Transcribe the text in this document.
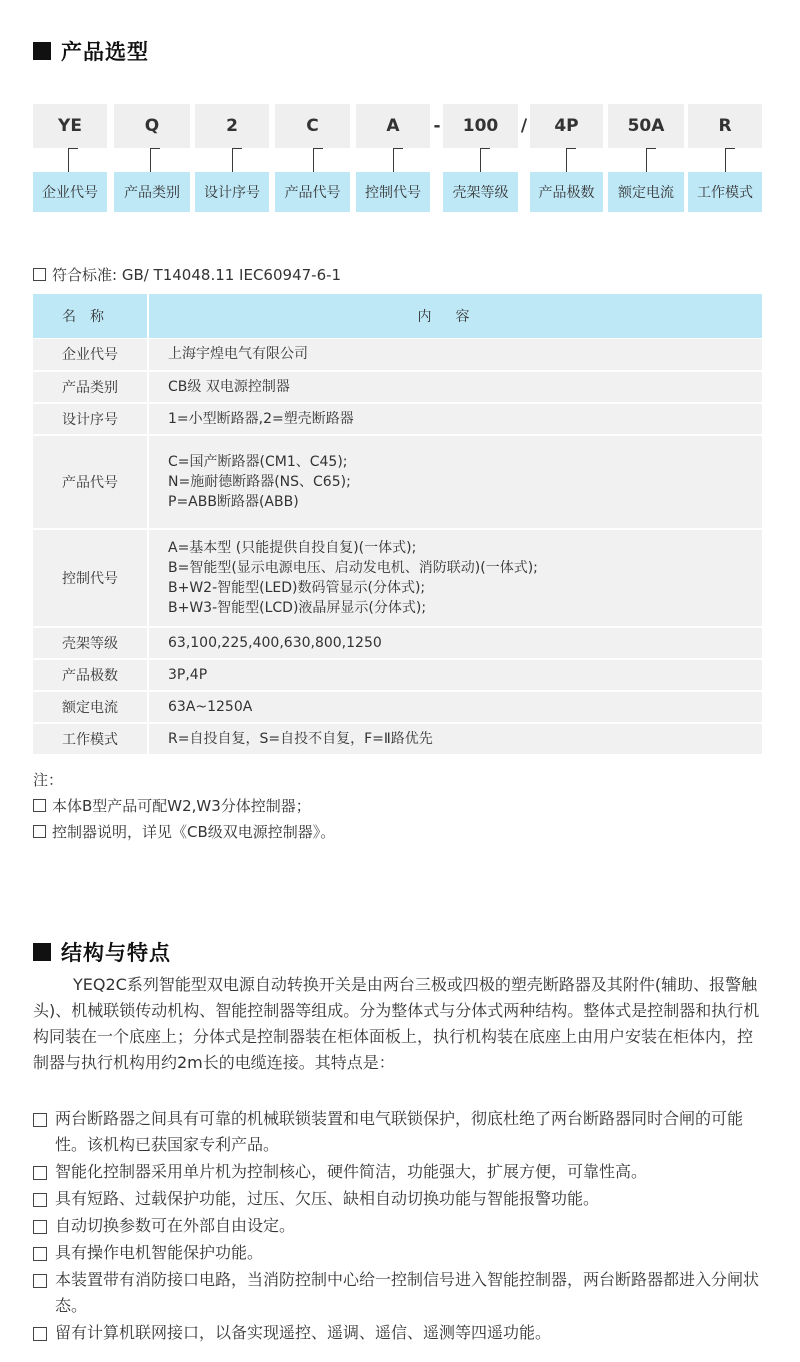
产品选型
YE	Q	2	C	A	-	100	/	4P	50A	R
企业代号	产品类别	设计序号	产品代号	控制代号	壳架等级	产品极数	额定电流	工作模式
符合标准: GB/ T14048.11 IEC60947-6-1
名称	内容
企业代号	上海宇煌电气有限公司

产品类别	CB级 双电源控制器

设计序号	1=小型断路器,2=塑壳断路器

产品代号	C=国产断路器(CM1、C45);
N=施耐德断路器(NS、C65);
P=ABB断路器(ABB)

控制代号	A=基本型 (只能提供自投自复)(一体式);
B=智能型(显示电源电压、启动发电机、消防联动)(一体式);
B+W2-智能型(LED)数码管显示(分体式);
B+W3-智能型(LCD)液晶屏显示(分体式);

壳架等级	63,100,225,400,630,800,1250

产品极数	3P,4P

额定电流	63A~1250A

工作模式	R=自投自复，S=自投不自复，F=Ⅱ路优先
注：
本体B型产品可配W2,W3分体控制器；
控制器说明，详见《CB级双电源控制器》。
结构与特点
YEQ2C系列智能型双电源自动转换开关是由两台三极或四极的塑壳断路器及其附件(辅助、报警触头)、机械联锁传动机构、智能控制器等组成。分为整体式与分体式两种结构。整体式是控制器和执行机构同装在一个底座上；分体式是控制器装在柜体面板上，执行机构装在底座上由用户安装在柜体内，控制器与执行机构用约2m长的电缆连接。其特点是：
两台断路器之间具有可靠的机械联锁装置和电气联锁保护，彻底杜绝了两台断路器同时合闸的可能性。该机构已获国家专利产品。
智能化控制器采用单片机为控制核心，硬件简洁，功能强大，扩展方便，可靠性高。
具有短路、过载保护功能，过压、欠压、缺相自动切换功能与智能报警功能。
自动切换参数可在外部自由设定。
具有操作电机智能保护功能。
本装置带有消防接口电路，当消防控制中心给一控制信号进入智能控制器，两台断路器都进入分闸状态。
留有计算机联网接口，以备实现遥控、遥调、遥信、遥测等四遥功能。
